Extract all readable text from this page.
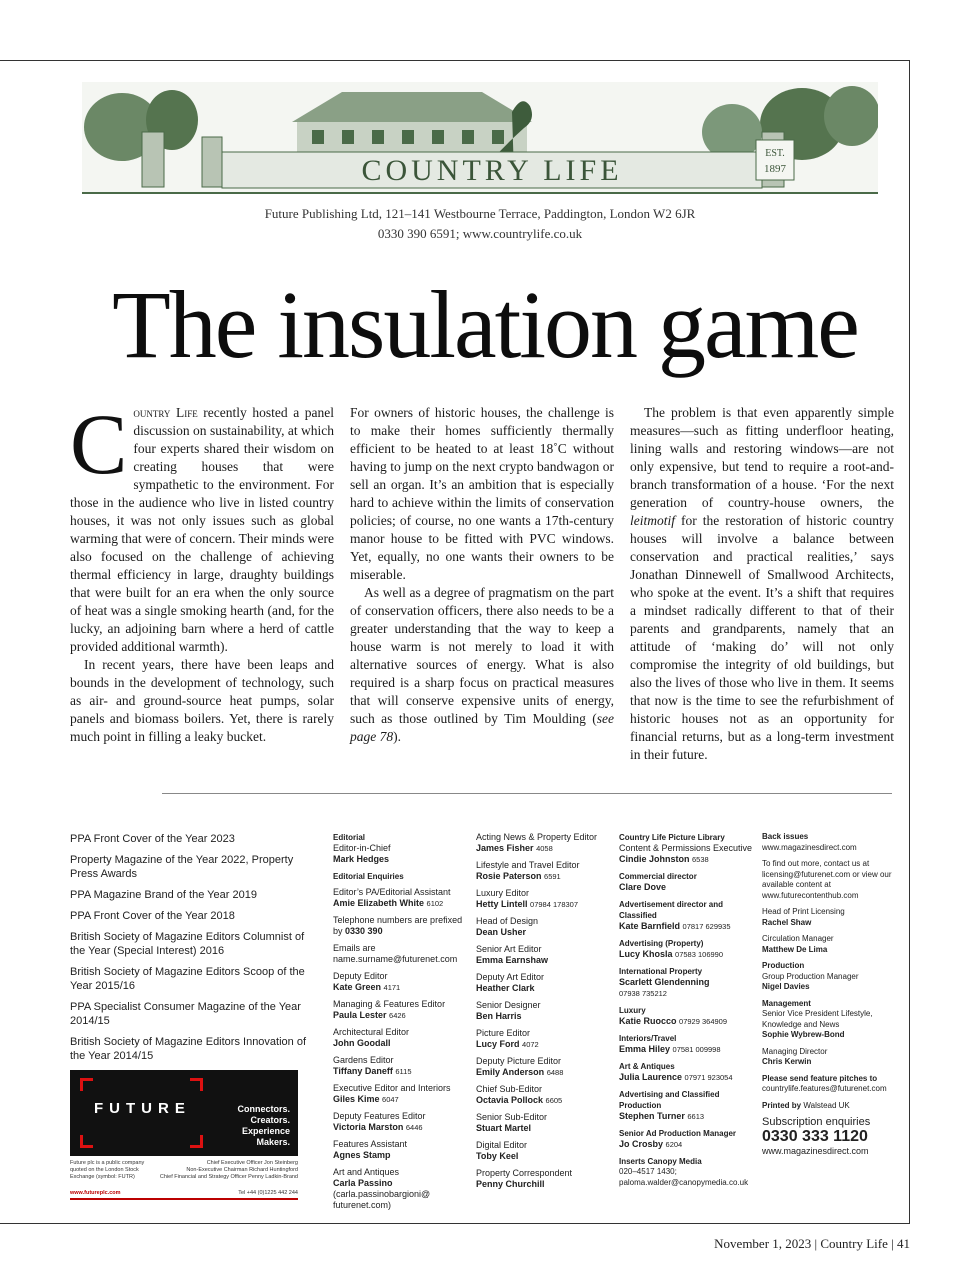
COUNTRY LIFE
EST.
1897
Future Publishing Ltd, 121–141 Westbourne Terrace, Paddington, London W2 6JR
0330 390 6591; www.countrylife.co.uk
The insulation game

Country Life recently hosted a panel discussion on sustainability, at which four experts shared their wisdom on creating houses that were sympathetic to the environment. For those in the audience who live in listed country houses, it was not only issues such as global warming that were of concern. Their minds were also focused on the challenge of achieving thermal efficiency in large, draughty buildings that were built for an era when the only source of heat was a single smoking hearth (and, for the lucky, an adjoining barn where a herd of cattle provided additional warmth).

In recent years, there have been leaps and bounds in the development of technology, such as air- and ground-source heat pumps, solar panels and biomass boilers. Yet, there is rarely much point in filling a leaky bucket.

For owners of historic houses, the challenge is to make their homes sufficiently thermally efficient to be heated to at least 18˚C without having to jump on the next crypto bandwagon or sell an organ. It’s an ambition that is especially hard to achieve within the limits of conservation policies; of course, no one wants a 17th-century manor house to be fitted with PVC windows. Yet, equally, no one wants their owners to be miserable.

As well as a degree of pragmatism on the part of conservation officers, there also needs to be a greater understanding that the way to keep a house warm is not merely to load it with alternative sources of energy. What is also required is a sharp focus on practical measures that will conserve expensive units of energy, such as those outlined by Tim Moulding (see page 78).

The problem is that even apparently simple measures—such as fitting underfloor heating, lining walls and restoring windows—are not only expensive, but tend to require a root-and-branch transformation of a house. ‘For the next generation of country-house owners, the leitmotif for the restoration of historic country houses will involve a balance between conservation and practical realities,’ says Jonathan Dinnewell of Smallwood Architects, who spoke at the event. It’s a shift that requires a mindset radically different to that of their parents and grandparents, namely that an attitude of ‘making do’ will not only compromise the integrity of old buildings, but also the lives of those who live in them. It seems that now is the time to see the refurbishment of historic houses not as an opportunity for financial returns, but as a long-term investment in their future.

PPA Front Cover of the Year 2023
Property Magazine of the Year 2022, Property Press Awards
PPA Magazine Brand of the Year 2019
PPA Front Cover of the Year 2018
British Society of Magazine Editors Columnist of the Year (Special Interest) 2016
British Society of Magazine Editors Scoop of the Year 2015/16
PPA Specialist Consumer Magazine of the Year 2014/15
British Society of Magazine Editors Innovation of the Year 2014/15
FUTURE	Connectors.
Creators.
Experience
Makers.
Future plc is a public company quoted on the London Stock Exchange (symbol: FUTR)
Chief Executive Officer Jon Steinberg
Non-Executive Chairman Richard Huntingford
Chief Financial and Strategy Officer Penny Ladkin-Brand
www.futureplc.com	Tel +44 (0)1225 442 244
Editorial
Editor-in-Chief
Mark Hedges
Editorial Enquiries
Editor’s PA/Editorial Assistant
Amie Elizabeth White 6102
Telephone numbers are prefixed by 0330 390
Emails are name.surname@futurenet.com
Deputy Editor
Kate Green 4171
Managing & Features Editor
Paula Lester 6426
Architectural Editor
John Goodall
Gardens Editor
Tiffany Daneff 6115
Executive Editor and Interiors
Giles Kime 6047
Deputy Features Editor
Victoria Marston 6446
Features Assistant
Agnes Stamp
Art and Antiques
Carla Passino
(carla.passinobargioni@ futurenet.com)
Acting News & Property Editor
James Fisher 4058
Lifestyle and Travel Editor
Rosie Paterson 6591
Luxury Editor
Hetty Lintell 07984 178307
Head of Design
Dean Usher
Senior Art Editor
Emma Earnshaw
Deputy Art Editor
Heather Clark
Senior Designer
Ben Harris
Picture Editor
Lucy Ford 4072
Deputy Picture Editor
Emily Anderson 6488
Chief Sub-Editor
Octavia Pollock 6605
Senior Sub-Editor
Stuart Martel
Digital Editor
Toby Keel
Property Correspondent
Penny Churchill
Country Life Picture Library
Content & Permissions Executive
Cindie Johnston 6538
Commercial director
Clare Dove
Advertisement director and Classified
Kate Barnfield 07817 629935
Advertising (Property)
Lucy Khosla 07583 106990
International Property
Scarlett Glendenning
07938 735212
Luxury
Katie Ruocco 07929 364909
Interiors/Travel
Emma Hiley 07581 009998
Art & Antiques
Julia Laurence 07971 923054
Advertising and Classified Production
Stephen Turner 6613
Senior Ad Production Manager
Jo Crosby 6204
Inserts Canopy Media
020–4517 1430;
paloma.walder@canopymedia.co.uk
Back issues
www.magazinesdirect.com
To find out more, contact us at licensing@futurenet.com or view our available content at www.futurecontenthub.com
Head of Print Licensing
Rachel Shaw
Circulation Manager
Matthew De Lima
Production
Group Production Manager
Nigel Davies
Management
Senior Vice President Lifestyle, Knowledge and News
Sophie Wybrew-Bond
Managing Director
Chris Kerwin
Please send feature pitches to
countrylife.features@futurenet.com
Printed by Walstead UK
Subscription enquiries
0330 333 1120
www.magazinesdirect.com
November 1, 2023 | Country Life | 41
